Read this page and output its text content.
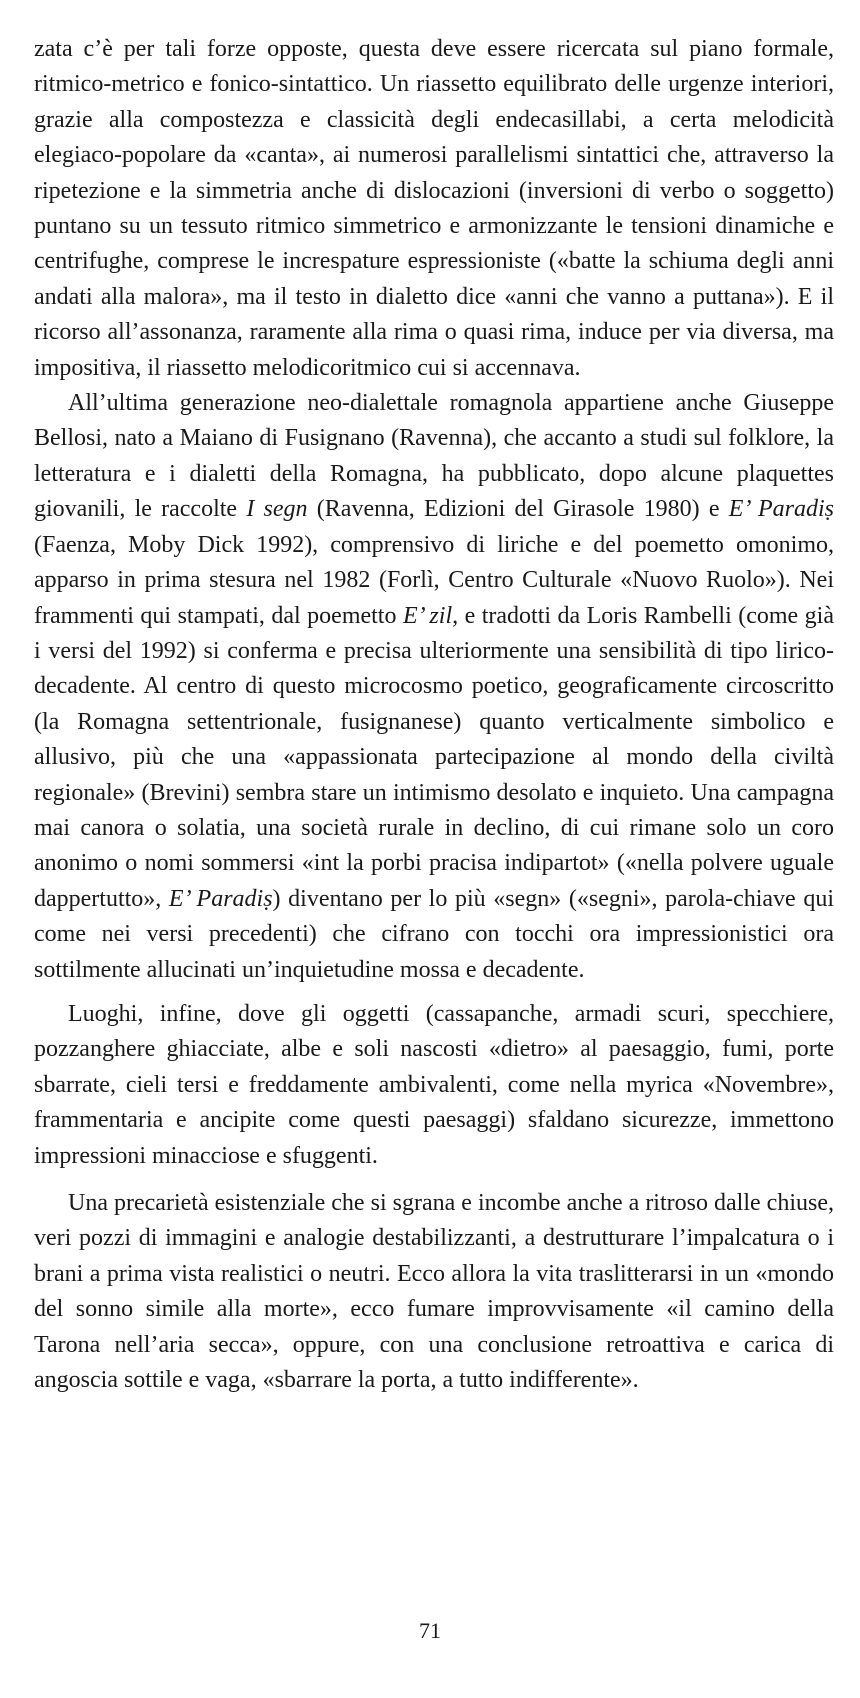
zata c’è per tali forze opposte, questa deve essere ricercata sul piano formale, ritmico-metrico e fonico-sintattico. Un riassetto equilibrato delle urgenze interiori, grazie alla compostezza e classicità degli endecasillabi, a certa melodicità elegiaco-popolare da «canta», ai numerosi parallelismi sintattici che, attraverso la ripetezione e la simmetria anche di dislocazioni (inversioni di verbo o soggetto) puntano su un tessuto ritmico simmetrico e armonizzante le tensioni dinamiche e centrifughe, comprese le increspature espressioniste («batte la schiuma degli anni andati alla malora», ma il testo in dialetto dice «anni che vanno a puttana»). E il ricorso all’assonanza, raramente alla rima o quasi rima, induce per via diversa, ma impositiva, il riassetto melodicoritmico cui si accennava.

All’ultima generazione neo-dialettale romagnola appartiene anche Giuseppe Bellosi, nato a Maiano di Fusignano (Ravenna), che accanto a studi sul folklore, la letteratura e i dialetti della Romagna, ha pubblicato, dopo alcune plaquettes giovanili, le raccolte I segn (Ravenna, Edizioni del Girasole 1980) e E’ Paradiṣ (Faenza, Moby Dick 1992), comprensivo di liriche e del poemetto omonimo, apparso in prima stesura nel 1982 (Forlì, Centro Culturale «Nuovo Ruolo»). Nei frammenti qui stampati, dal poemetto E’ zil, e tradotti da Loris Rambelli (come già i versi del 1992) si conferma e precisa ulteriormente una sensibilità di tipo lirico-decadente. Al centro di questo microcosmo poetico, geograficamente circoscritto (la Romagna settentrionale, fusignanese) quanto verticalmente simbolico e allusivo, più che una «appassionata partecipazione al mondo della civiltà regionale» (Brevini) sembra stare un intimismo desolato e inquieto. Una campagna mai canora o solatia, una società rurale in declino, di cui rimane solo un coro anonimo o nomi sommersi «int la porbi pracisa indipartot» («nella polvere uguale dappertutto», E’ Paradiṣ) diventano per lo più «segn» («segni», parola-chiave qui come nei versi precedenti) che cifrano con tocchi ora impressionistici ora sottilmente allucinati un’inquietudine mossa e decadente.

Luoghi, infine, dove gli oggetti (cassapanche, armadi scuri, specchiere, pozzanghere ghiacciate, albe e soli nascosti «dietro» al paesaggio, fumi, porte sbarrate, cieli tersi e freddamente ambivalenti, come nella myrica «Novembre», frammentaria e ancipite come questi paesaggi) sfaldano sicurezze, immettono impressioni minacciose e sfuggenti.

Una precarietà esistenziale che si sgrana e incombe anche a ritroso dalle chiuse, veri pozzi di immagini e analogie destabilizzanti, a destrutturare l’impalcatura o i brani a prima vista realistici o neutri. Ecco allora la vita traslitterarsi in un «mondo del sonno simile alla morte», ecco fumare improvvisamente «il camino della Tarona nell’aria secca», oppure, con una conclusione retroattiva e carica di angoscia sottile e vaga, «sbarrare la porta, a tutto indifferente».

71
